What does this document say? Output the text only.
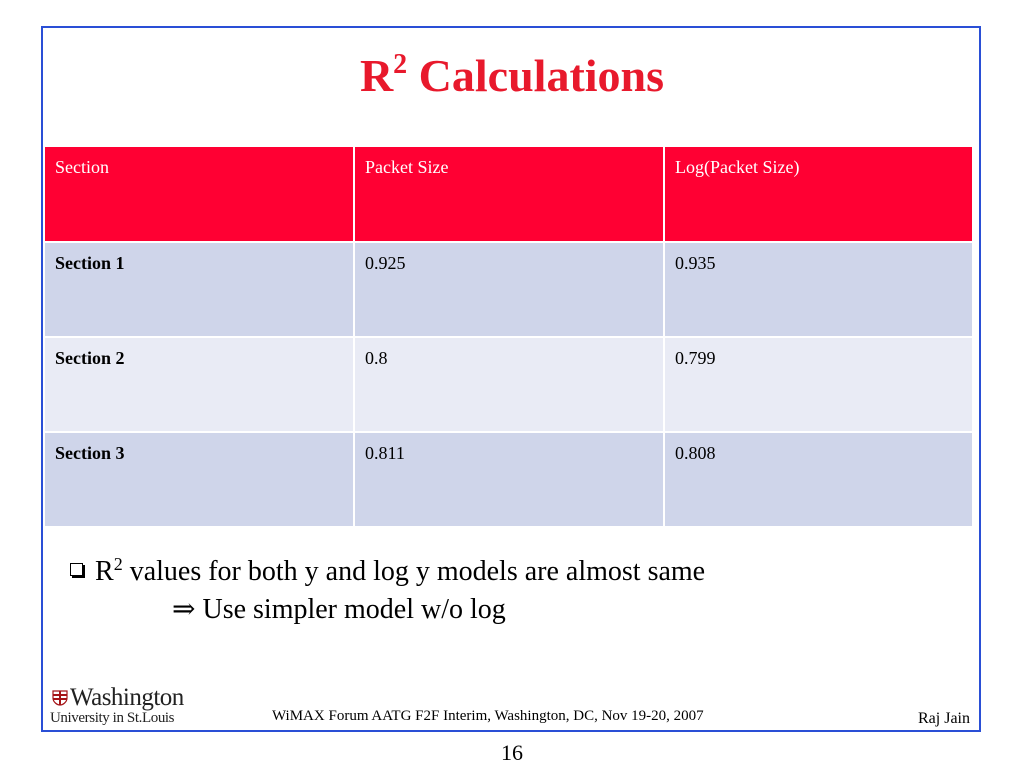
$R^2$ Calculations
Section	Packet Size	Log(Packet Size)
Section 1	0.925	0.935
Section 2	0.8	0.799
Section 3	0.811	0.808
$R^2$ values for both y and log y models are almost same
⇒ Use simpler model w/o log
Washington
University in St.Louis	WiMAX Forum AATG F2F Interim, Washington, DC, Nov 19-20, 2007	Raj Jain
16
